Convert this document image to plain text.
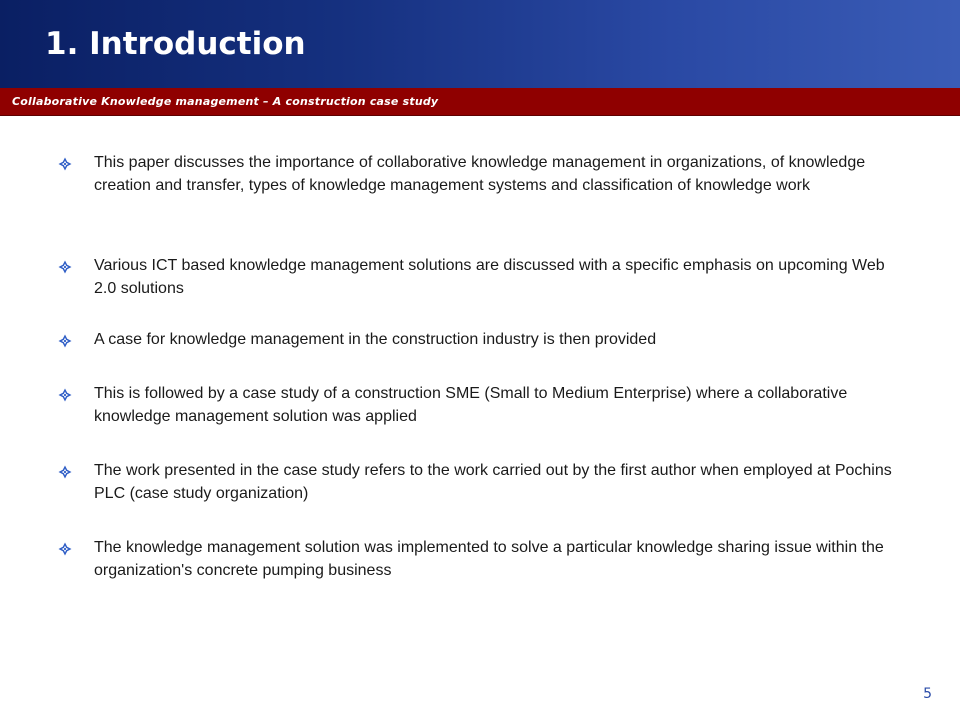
1. Introduction
Collaborative Knowledge management – A construction case study
This paper discusses the importance of collaborative knowledge management in organizations, of knowledge creation and transfer, types of knowledge management systems and classification of knowledge work
Various ICT based knowledge management solutions are discussed with a specific emphasis on upcoming Web 2.0 solutions
A case for knowledge management in the construction industry is then provided
This is followed by a case study of a construction SME (Small to Medium Enterprise) where a collaborative knowledge management solution was applied
The work presented in the case study refers to the work carried out by the first author when employed at Pochins PLC (case study organization)
The knowledge management solution was implemented to solve a particular knowledge sharing issue within the organization's concrete pumping business
5
